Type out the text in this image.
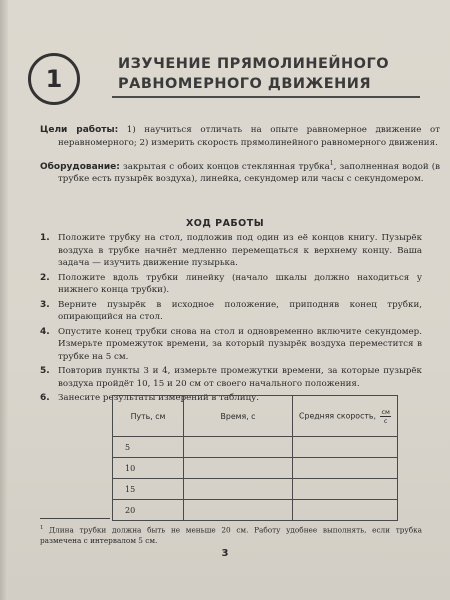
1
ИЗУЧЕНИЕ ПРЯМОЛИНЕЙНОГО
РАВНОМЕРНОГО ДВИЖЕНИЯ
Цели работы: 1) научиться отличать на опыте равномерное движение от неравномерного; 2) измерить скорость прямолинейного равномерного движения.
Оборудование: закрытая с обоих концов стеклянная трубка$^1$, заполненная водой (в трубке есть пузырёк воздуха), линейка, секундомер или часы с секундомером.
ХОД РАБОТЫ
1. Положите трубку на стол, подложив под один из её концов книгу. Пузырёк воздуха в трубке начнёт медленно перемещаться к верхнему концу. Ваша задача — изучить движение пузырька.
2. Положите вдоль трубки линейку (начало шкалы должно находиться у нижнего конца трубки).
3. Верните пузырёк в исходное положение, приподняв конец трубки, опирающийся на стол.
4. Опустите конец трубки снова на стол и одновременно включите секундомер. Измерьте промежуток времени, за который пузырёк воздуха переместится в трубке на 5 см.
5. Повторив пункты 3 и 4, измерьте промежутки времени, за которые пузырёк воздуха пройдёт 10, 15 и 20 см от своего начального положения.
6. Занесите результаты измерений в таблицу.
Путь, см	Время, с	Средняя скорость, $\frac{см}{с}$

5		
10		
15		
20		
$^1$ Длина трубки должна быть не меньше 20 см. Работу удобнее выполнять, если трубка размечена с интервалом 5 см.
3
